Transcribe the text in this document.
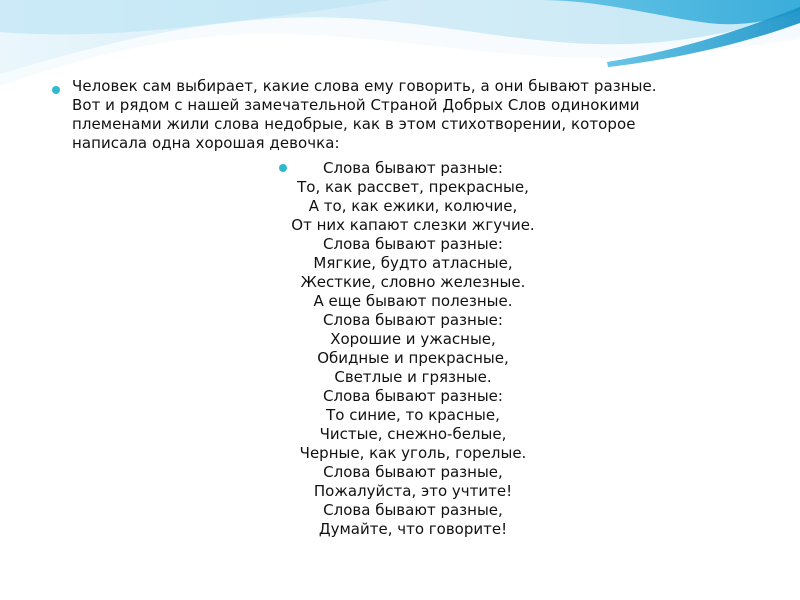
Человек сам выбирает, какие слова ему говорить, а они бывают разные.
Вот и рядом с нашей замечательной Страной Добрых Слов одинокими
племенами жили слова недобрые, как в этом стихотворении, которое
написала одна хорошая девочка:
Слова бывают разные:
То, как рассвет, прекрасные,
А то, как ежики, колючие,
От них капают слезки жгучие.
Слова бывают разные:
Мягкие, будто атласные,
Жесткие, словно железные.
А еще бывают полезные.
Слова бывают разные:
Хорошие и ужасные,
Обидные и прекрасные,
Светлые и грязные.
Слова бывают разные:
То синие, то красные,
Чистые, снежно-белые,
Черные, как уголь, горелые.
Слова бывают разные,
Пожалуйста, это учтите!
Слова бывают разные,
Думайте, что говорите!
